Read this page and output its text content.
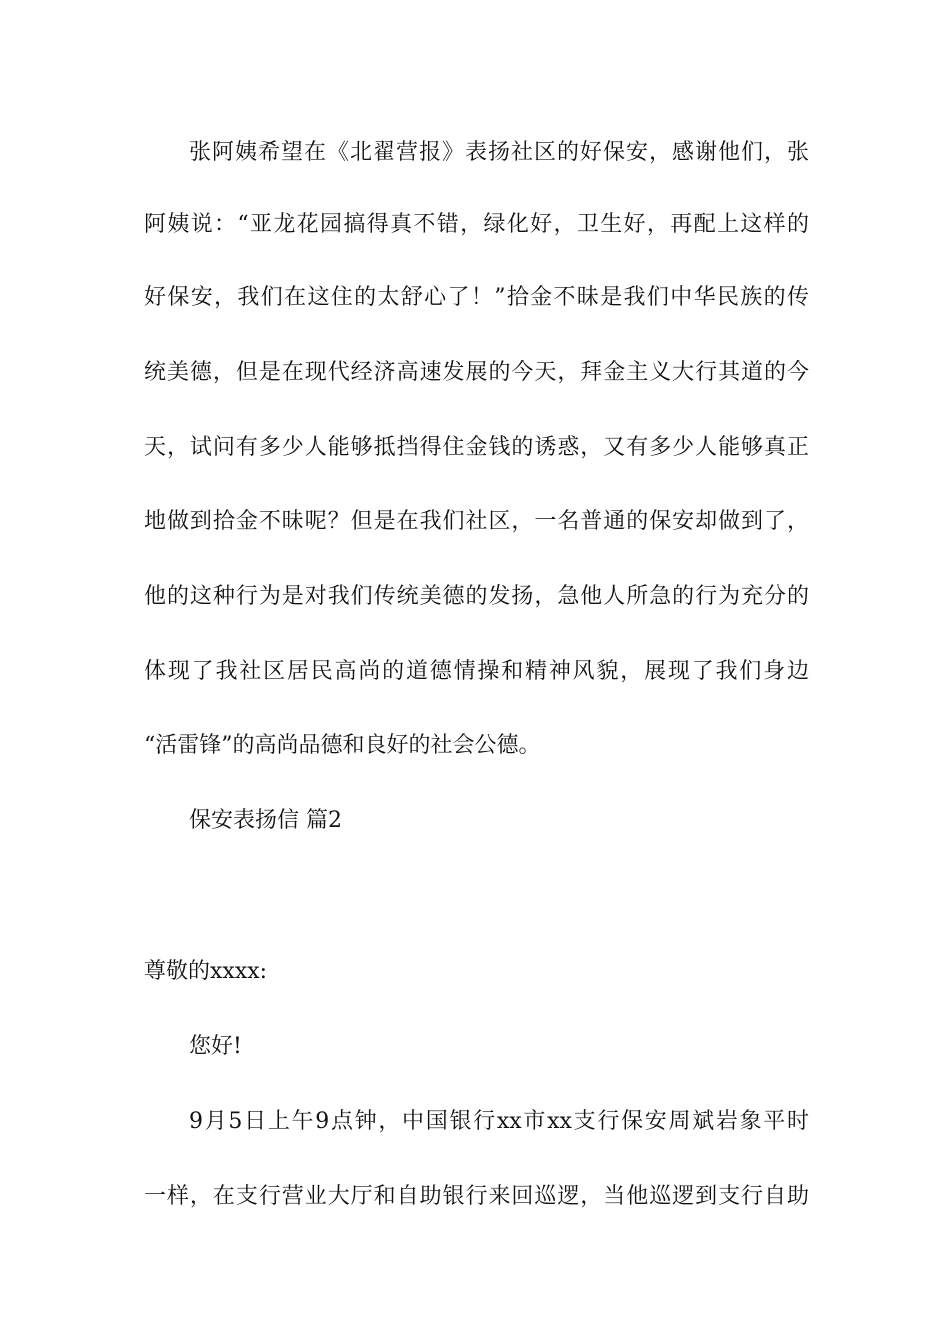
张阿姨希望在《北翟营报》表扬社区的好保安，感谢他们，张
阿姨说：“亚龙花园搞得真不错，绿化好，卫生好，再配上这样的
好保安，我们在这住的太舒心了！”拾金不昧是我们中华民族的传
统美德，但是在现代经济高速发展的今天，拜金主义大行其道的今
天，试问有多少人能够抵挡得住金钱的诱惑，又有多少人能够真正
地做到拾金不昧呢？但是在我们社区，一名普通的保安却做到了，
他的这种行为是对我们传统美德的发扬，急他人所急的行为充分的
体现了我社区居民高尚的道德情操和精神风貌，展现了我们身边
“活雷锋”的高尚品德和良好的社会公德。
保安表扬信 篇2
尊敬的xxxx:
您好!
9月5日上午9点钟，中国银行xx市xx支行保安周斌岩象平时
一样，在支行营业大厅和自助银行来回巡逻，当他巡逻到支行自助
